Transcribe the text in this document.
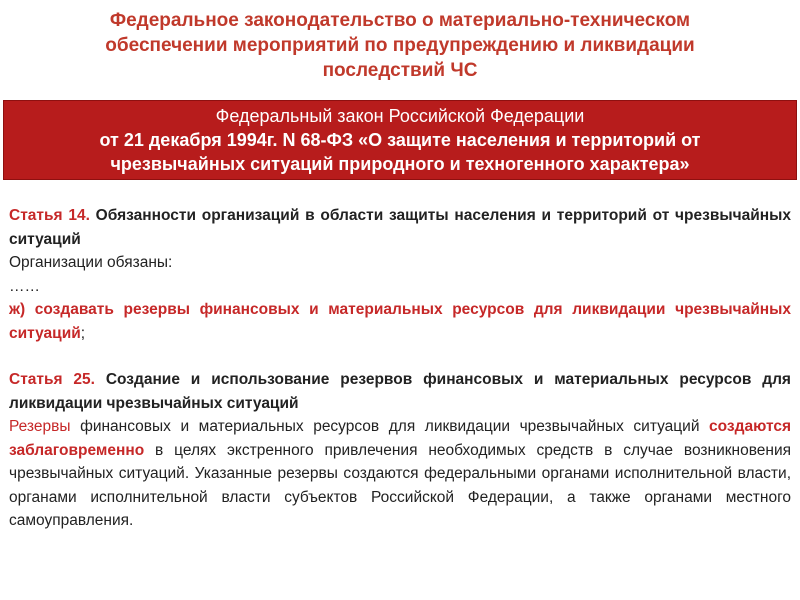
Федеральное законодательство о материально-техническом
обеспечении мероприятий по предупреждению и ликвидации
последствий ЧС
Федеральный закон Российской Федерации
от 21 декабря 1994г. N 68-ФЗ «О защите населения и территорий от
чрезвычайных ситуаций природного и техногенного характера»

Статья 14. Обязанности организаций в области защиты населения и территорий от чрезвычайных ситуаций

Организации обязаны:

……

ж) создавать резервы финансовых и материальных ресурсов для ликвидации чрезвычайных ситуаций;

Статья 25. Создание и использование резервов финансовых и материальных ресурсов для ликвидации чрезвычайных ситуаций

Резервы финансовых и материальных ресурсов для ликвидации чрезвычайных ситуаций создаются заблаговременно в целях экстренного привлечения необходимых средств в случае возникновения чрезвычайных ситуаций. Указанные резервы создаются федеральными органами исполнительной власти, органами исполнительной власти субъектов Российской Федерации, а также органами местного самоуправления.
